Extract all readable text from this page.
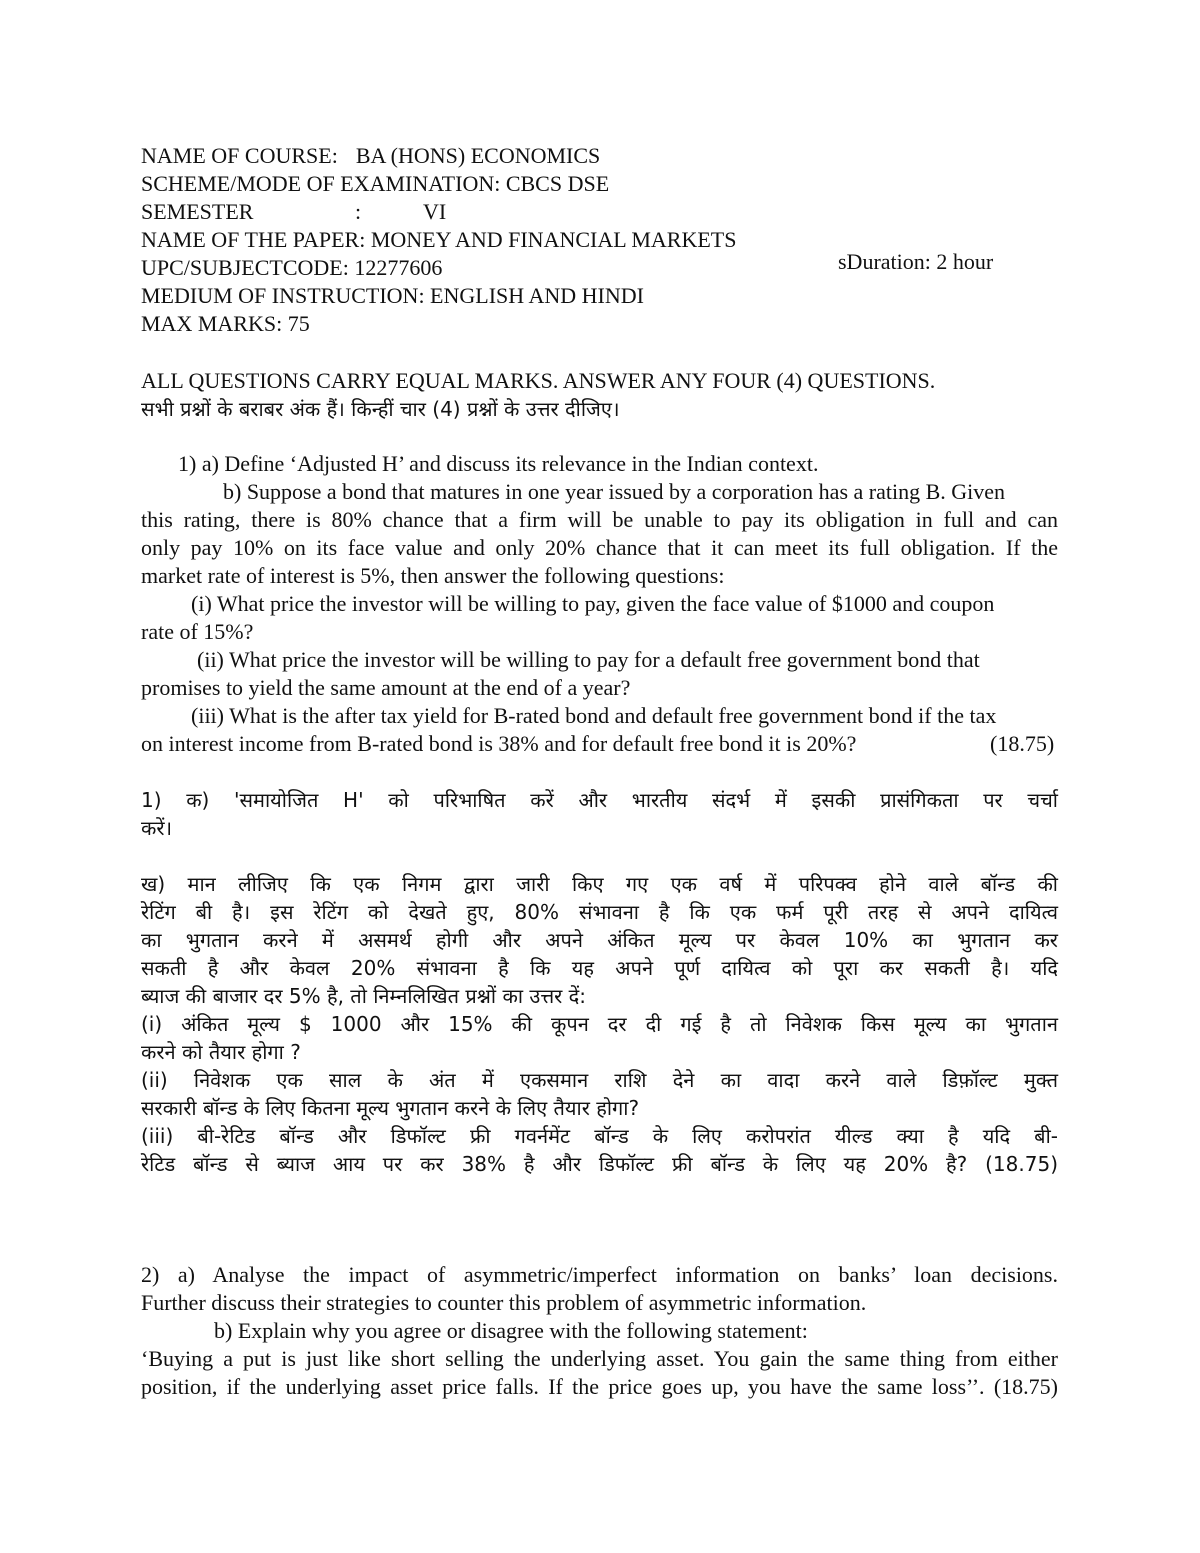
NAME OF COURSE: BA (HONS) ECONOMICS
SCHEME/MODE OF EXAMINATION: CBCS DSE
SEMESTER	:	VI
NAME OF THE PAPER: MONEY AND FINANCIAL MARKETS
UPC/SUBJECTCODE: 12277606	sDuration: 2 hour
MEDIUM OF INSTRUCTION: ENGLISH AND HINDI
MAX MARKS: 75
ALL QUESTIONS CARRY EQUAL MARKS. ANSWER ANY FOUR (4) QUESTIONS.
सभी प्रश्नों के बराबर अंक हैं। किन्हीं चार (4) प्रश्नों के उत्तर दीजिए।
1) a) Define ‘Adjusted H’ and discuss its relevance in the Indian context.
b) Suppose a bond that matures in one year issued by a corporation has a rating B. Given
this rating, there is 80% chance that a firm will be unable to pay its obligation in full and can
only pay 10% on its face value and only 20% chance that it can meet its full obligation. If the
market rate of interest is 5%, then answer the following questions:
(i) What price the investor will be willing to pay, given the face value of $1000 and coupon
rate of 15%?
(ii) What price the investor will be willing to pay for a default free government bond that
promises to yield the same amount at the end of a year?
(iii) What is the after tax yield for B-rated bond and default free government bond if the tax
on interest income from B-rated bond is 38% and for default free bond it is 20%?	(18.75)
1) क) 'समायोजित H' को परिभाषित करें और भारतीय संदर्भ में इसकी प्रासंगिकता पर चर्चा
करें।
ख) मान लीजिए कि एक निगम द्वारा जारी किए गए एक वर्ष में परिपक्व होने वाले बॉन्ड की
रेटिंग बी है। इस रेटिंग को देखते हुए, 80% संभावना है कि एक फर्म पूरी तरह से अपने दायित्व
का भुगतान करने में असमर्थ होगी और अपने अंकित मूल्य पर केवल 10% का भुगतान कर
सकती है और केवल 20% संभावना है कि यह अपने पूर्ण दायित्व को पूरा कर सकती है। यदि
ब्याज की बाजार दर 5% है, तो निम्नलिखित प्रश्नों का उत्तर दें:
(i) अंकित मूल्य $ 1000 और 15% की कूपन दर दी गई है तो निवेशक किस मूल्य का भुगतान
करने को तैयार होगा ?
(ii) निवेशक एक साल के अंत में एकसमान राशि देने का वादा करने वाले डिफ़ॉल्ट मुक्त
सरकारी बॉन्ड के लिए कितना मूल्य भुगतान करने के लिए तैयार होगा?
(iii) बी-रेटिड बॉन्ड और डिफॉल्ट फ्री गवर्नमेंट बॉन्ड के लिए करोपरांत यील्ड क्या है यदि बी-
रेटिड बॉन्ड से ब्याज आय पर कर 38% है और डिफॉल्ट फ्री बॉन्ड के लिए यह 20% है? (18.75)
2) a) Analyse the impact of asymmetric/imperfect information on banks’ loan decisions.
Further discuss their strategies to counter this problem of asymmetric information.
b) Explain why you agree or disagree with the following statement:
‘Buying a put is just like short selling the underlying asset. You gain the same thing from either
position, if the underlying asset price falls. If the price goes up, you have the same loss’’. (18.75)
